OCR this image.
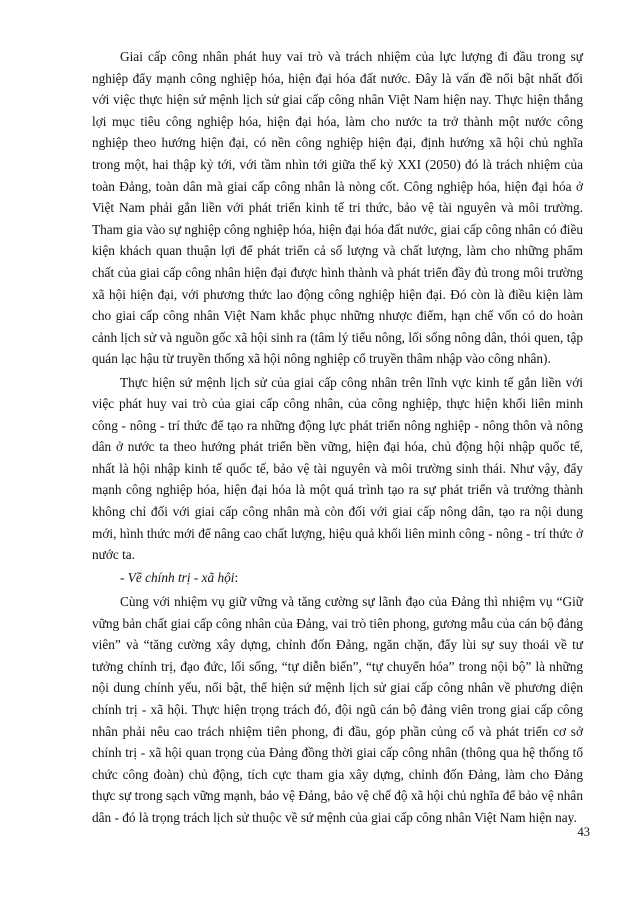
Giai cấp công nhân phát huy vai trò và trách nhiệm của lực lượng đi đầu trong sự nghiệp đẩy mạnh công nghiệp hóa, hiện đại hóa đất nước. Đây là vấn đề nổi bật nhất đối với việc thực hiện sứ mệnh lịch sử giai cấp công nhân Việt Nam hiện nay. Thực hiện thắng lợi mục tiêu công nghiệp hóa, hiện đại hóa, làm cho nước ta trở thành một nước công nghiệp theo hướng hiện đại, có nền công nghiệp hiện đại, định hướng xã hội chủ nghĩa trong một, hai thập kỷ tới, với tầm nhìn tới giữa thế kỷ XXI (2050) đó là trách nhiệm của toàn Đảng, toàn dân mà giai cấp công nhân là nòng cốt. Công nghiệp hóa, hiện đại hóa ở Việt Nam phải gắn liền với phát triển kinh tế tri thức, bảo vệ tài nguyên và môi trường. Tham gia vào sự nghiệp công nghiệp hóa, hiện đại hóa đất nước, giai cấp công nhân có điều kiện khách quan thuận lợi để phát triển cả số lượng và chất lượng, làm cho những phẩm chất của giai cấp công nhân hiện đại được hình thành và phát triển đầy đủ trong môi trường xã hội hiện đại, với phương thức lao động công nghiệp hiện đại. Đó còn là điều kiện làm cho giai cấp công nhân Việt Nam khắc phục những nhược điểm, hạn chế vốn có do hoàn cảnh lịch sử và nguồn gốc xã hội sinh ra (tâm lý tiểu nông, lối sống nông dân, thói quen, tập quán lạc hậu từ truyền thống xã hội nông nghiệp cổ truyền thâm nhập vào công nhân).

Thực hiện sứ mệnh lịch sử của giai cấp công nhân trên lĩnh vực kinh tế gắn liền với việc phát huy vai trò của giai cấp công nhân, của công nghiệp, thực hiện khối liên minh công - nông - trí thức để tạo ra những động lực phát triển nông nghiệp - nông thôn và nông dân ở nước ta theo hướng phát triển bền vững, hiện đại hóa, chủ động hội nhập quốc tế, nhất là hội nhập kinh tế quốc tế, bảo vệ tài nguyên và môi trường sinh thái. Như vậy, đẩy mạnh công nghiệp hóa, hiện đại hóa là một quá trình tạo ra sự phát triển và trưởng thành không chỉ đối với giai cấp công nhân mà còn đối với giai cấp nông dân, tạo ra nội dung mới, hình thức mới để nâng cao chất lượng, hiệu quả khối liên minh công - nông - trí thức ở nước ta.

- Về chính trị - xã hội:

Cùng với nhiệm vụ giữ vững và tăng cường sự lãnh đạo của Đảng thì nhiệm vụ “Giữ vững bản chất giai cấp công nhân của Đảng, vai trò tiên phong, gương mẫu của cán bộ đảng viên” và “tăng cường xây dựng, chỉnh đốn Đảng, ngăn chặn, đẩy lùi sự suy thoái về tư tưởng chính trị, đạo đức, lối sống, “tự diễn biến”, “tự chuyển hóa” trong nội bộ” là những nội dung chính yếu, nổi bật, thể hiện sứ mệnh lịch sử giai cấp công nhân về phương diện chính trị - xã hội. Thực hiện trọng trách đó, đội ngũ cán bộ đảng viên trong giai cấp công nhân phải nêu cao trách nhiệm tiên phong, đi đầu, góp phần củng cố và phát triển cơ sở chính trị - xã hội quan trọng của Đảng đồng thời giai cấp công nhân (thông qua hệ thống tổ chức công đoàn) chủ động, tích cực tham gia xây dựng, chỉnh đốn Đảng, làm cho Đảng thực sự trong sạch vững mạnh, bảo vệ Đảng, bảo vệ chế độ xã hội chủ nghĩa để bảo vệ nhân dân - đó là trọng trách lịch sử thuộc về sứ mệnh của giai cấp công nhân Việt Nam hiện nay.

43
